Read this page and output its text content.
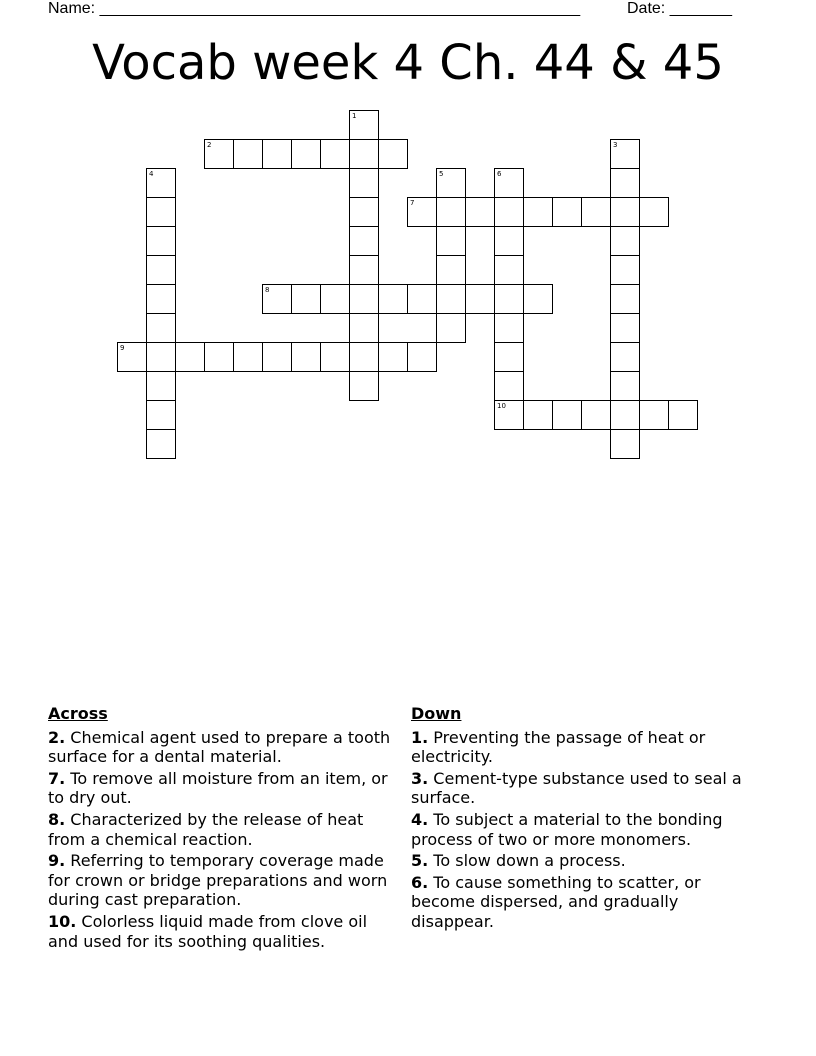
Name: ______________________________________________________	Date: _______
Vocab week 4 Ch. 44 & 45
1
2	3
4	5	6
10
7
8
9
Across
2. Chemical agent used to prepare a tooth surface for a dental material.
7. To remove all moisture from an item, or to dry out.
8. Characterized by the release of heat from a chemical reaction.
9. Referring to temporary coverage made for crown or bridge preparations and worn during cast preparation.
10. Colorless liquid made from clove oil and used for its soothing qualities.
Down
1. Preventing the passage of heat or electricity.
3. Cement-type substance used to seal a surface.
4. To subject a material to the bonding process of two or more monomers.
5. To slow down a process.
6. To cause something to scatter, or become dispersed, and gradually disappear.
